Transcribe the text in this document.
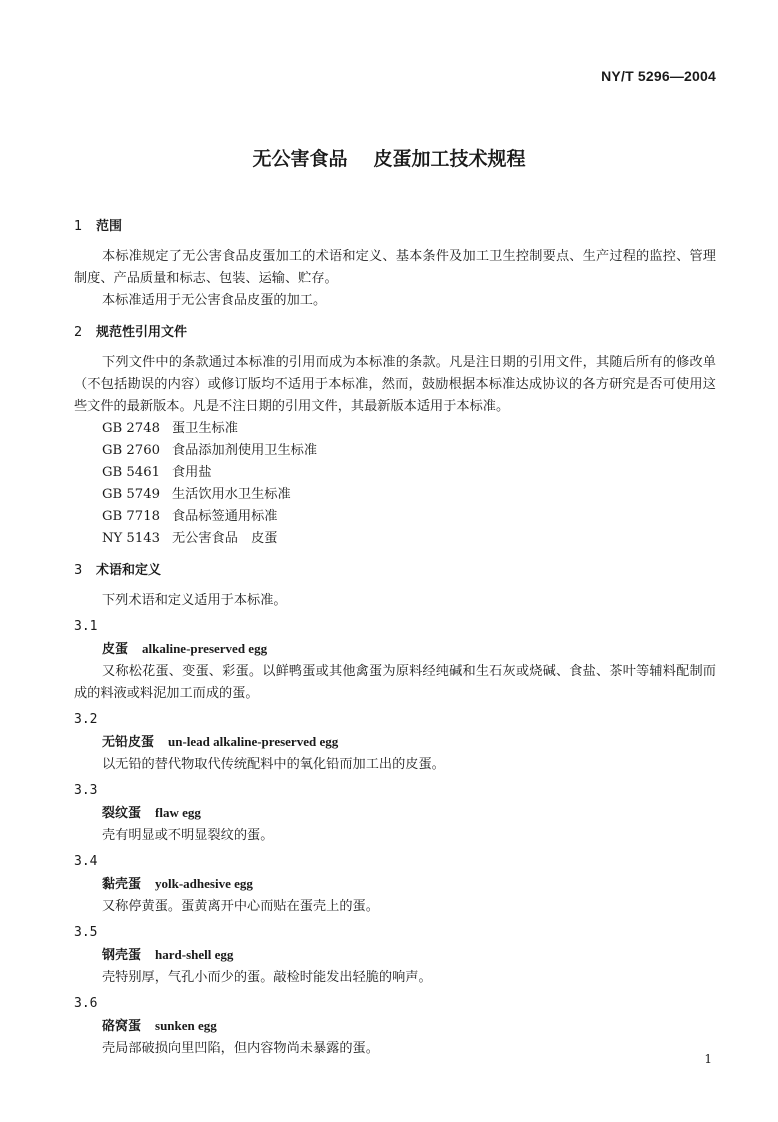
NY/T 5296—2004
无公害食品 皮蛋加工技术规程
1 范围

本标准规定了无公害食品皮蛋加工的术语和定义、基本条件及加工卫生控制要点、生产过程的监控、管理制度、产品质量和标志、包装、运输、贮存。

本标准适用于无公害食品皮蛋的加工。

2 规范性引用文件

下列文件中的条款通过本标准的引用而成为本标准的条款。凡是注日期的引用文件，其随后所有的修改单（不包括勘误的内容）或修订版均不适用于本标准，然而，鼓励根据本标准达成协议的各方研究是否可使用这些文件的最新版本。凡是不注日期的引用文件，其最新版本适用于本标准。

GB 2748 蛋卫生标准
GB 2760 食品添加剂使用卫生标准
GB 5461 食用盐
GB 5749 生活饮用水卫生标准
GB 7718 食品标签通用标准
NY 5143 无公害食品　皮蛋
3 术语和定义

下列术语和定义适用于本标准。

3.1
皮蛋 alkaline-preserved egg

又称松花蛋、变蛋、彩蛋。以鲜鸭蛋或其他禽蛋为原料经纯碱和生石灰或烧碱、食盐、茶叶等辅料配制而成的料液或料泥加工而成的蛋。

3.2
无铅皮蛋 un-lead alkaline-preserved egg

以无铅的替代物取代传统配料中的氧化铅而加工出的皮蛋。

3.3
裂纹蛋 flaw egg

壳有明显或不明显裂纹的蛋。

3.4
黏壳蛋 yolk-adhesive egg

又称停黄蛋。蛋黄离开中心而贴在蛋壳上的蛋。

3.5
钢壳蛋 hard-shell egg

壳特别厚，气孔小而少的蛋。敲检时能发出轻脆的响声。

3.6
硌窝蛋 sunken egg

壳局部破损向里凹陷，但内容物尚未暴露的蛋。

1
